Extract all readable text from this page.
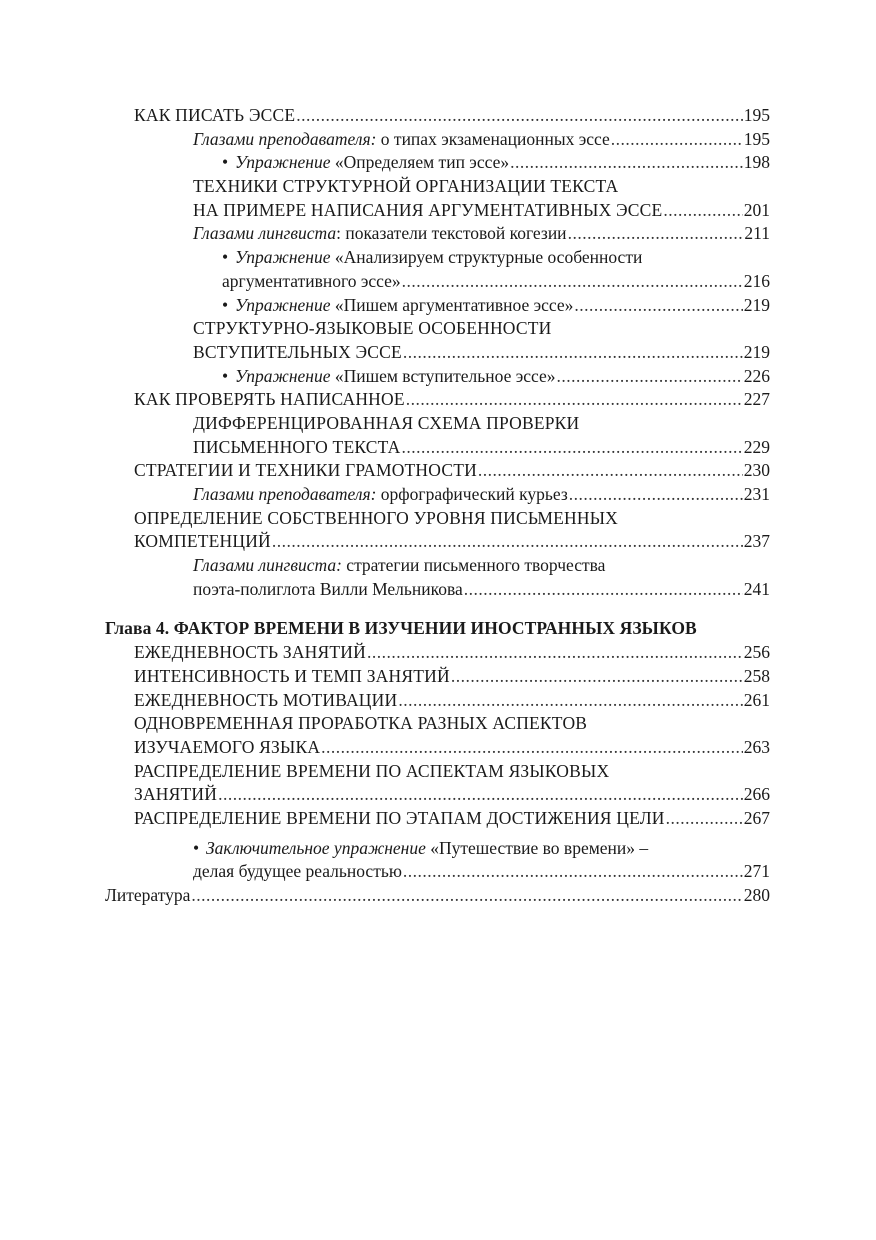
КАК ПИСАТЬ ЭССЕ .....	195
Глазами преподавателя: о типах экзаменационных эссе .....	195
• Упражнение «Определяем тип эссе» .....	198
ТЕХНИКИ СТРУКТУРНОЙ ОРГАНИЗАЦИИ ТЕКСТА
НА ПРИМЕРЕ НАПИСАНИЯ АРГУМЕНТАТИВНЫХ ЭССЕ .....	201
Глазами лингвиста: показатели текстовой когезии .....	211
• Упражнение «Анализируем структурные особенности
аргументативного эссе» .....	216
• Упражнение «Пишем аргументативное эссе» .....	219
СТРУКТУРНО-ЯЗЫКОВЫЕ ОСОБЕННОСТИ
ВСТУПИТЕЛЬНЫХ ЭССЕ .....	219
• Упражнение «Пишем вступительное эссе» .....	226
КАК ПРОВЕРЯТЬ НАПИСАННОЕ .....	227
ДИФФЕРЕНЦИРОВАННАЯ СХЕМА ПРОВЕРКИ
ПИСЬМЕННОГО ТЕКСТА .....	229
СТРАТЕГИИ И ТЕХНИКИ ГРАМОТНОСТИ .....	230
Глазами преподавателя: орфографический курьез .....	231
ОПРЕДЕЛЕНИЕ СОБСТВЕННОГО УРОВНЯ ПИСЬМЕННЫХ
КОМПЕТЕНЦИЙ .....	237
Глазами лингвиста: стратегии письменного творчества
поэта-полиглота Вилли Мельникова .....	241
Глава 4. ФАКТОР ВРЕМЕНИ В ИЗУЧЕНИИ ИНОСТРАННЫХ ЯЗЫКОВ
ЕЖЕДНЕВНОСТЬ ЗАНЯТИЙ .....	256
ИНТЕНСИВНОСТЬ И ТЕМП ЗАНЯТИЙ .....	258
ЕЖЕДНЕВНОСТЬ МОТИВАЦИИ .....	261
ОДНОВРЕМЕННАЯ ПРОРАБОТКА РАЗНЫХ АСПЕКТОВ
ИЗУЧАЕМОГО ЯЗЫКА .....	263
РАСПРЕДЕЛЕНИЕ ВРЕМЕНИ ПО АСПЕКТАМ ЯЗЫКОВЫХ
ЗАНЯТИЙ .....	266
РАСПРЕДЕЛЕНИЕ ВРЕМЕНИ ПО ЭТАПАМ ДОСТИЖЕНИЯ ЦЕЛИ .....	267
• Заключительное упражнение «Путешествие во времени» –
делая будущее реальностью .....	271
Литература .....	280
